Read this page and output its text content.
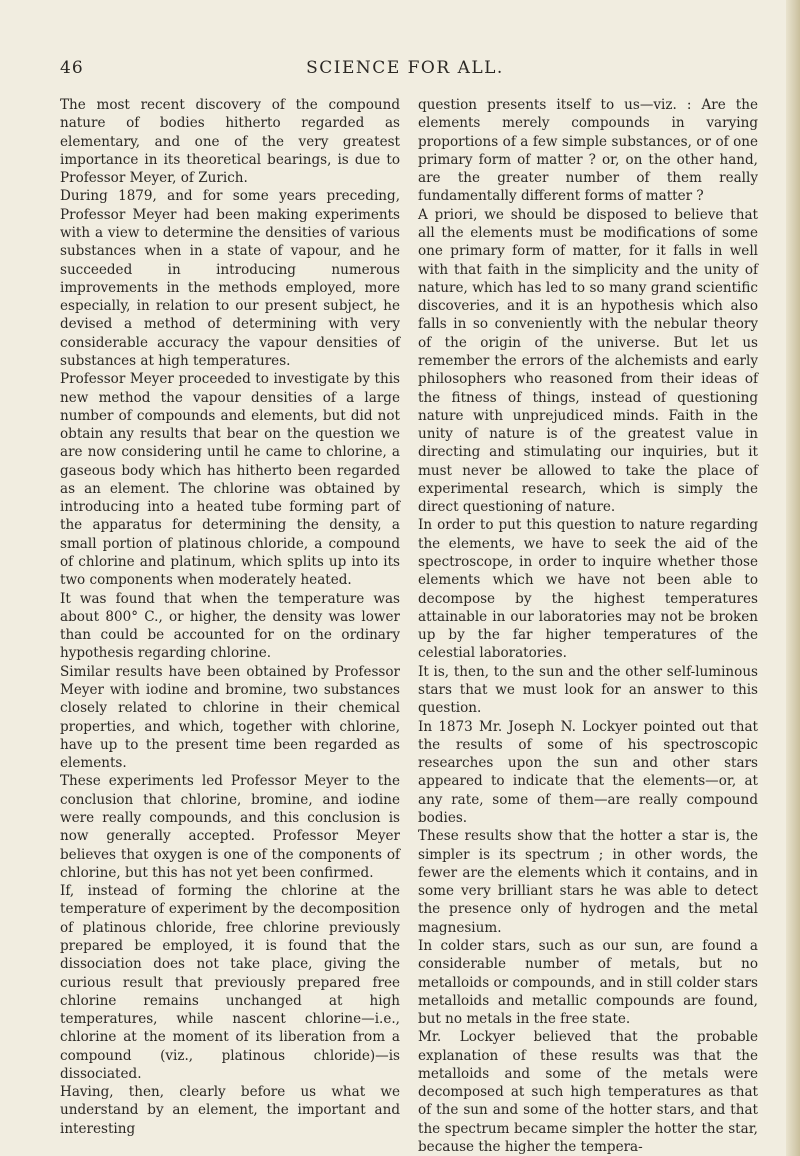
46	SCIENCE FOR ALL.

The most recent discovery of the compound nature of bodies hitherto regarded as elementary, and one of the very greatest importance in its theoretical bearings, is due to Professor Meyer, of Zurich.

During 1879, and for some years preceding, Professor Meyer had been making experiments with a view to determine the densities of various substances when in a state of vapour, and he succeeded in introducing numerous improvements in the methods employed, more especially, in relation to our present subject, he devised a method of determining with very considerable accuracy the vapour densities of substances at high temperatures.

Professor Meyer proceeded to investigate by this new method the vapour densities of a large number of compounds and elements, but did not obtain any results that bear on the question we are now considering until he came to chlorine, a gaseous body which has hitherto been regarded as an element. The chlorine was obtained by introducing into a heated tube forming part of the apparatus for determining the density, a small portion of platinous chloride, a compound of chlorine and platinum, which splits up into its two components when moderately heated.

It was found that when the temperature was about 800° C., or higher, the density was lower than could be accounted for on the ordinary hypothesis regarding chlorine.

Similar results have been obtained by Professor Meyer with iodine and bromine, two substances closely related to chlorine in their chemical properties, and which, together with chlorine, have up to the present time been regarded as elements.

These experiments led Professor Meyer to the conclusion that chlorine, bromine, and iodine were really compounds, and this conclusion is now generally accepted. Professor Meyer believes that oxygen is one of the components of chlorine, but this has not yet been confirmed.

If, instead of forming the chlorine at the temperature of experiment by the decomposition of platinous chloride, free chlorine previously prepared be employed, it is found that the dissociation does not take place, giving the curious result that previously prepared free chlorine remains unchanged at high temperatures, while nascent chlorine—i.e., chlorine at the moment of its liberation from a compound (viz., platinous chloride)—is dissociated.

Having, then, clearly before us what we understand by an element, the important and interesting

question presents itself to us—viz. : Are the elements merely compounds in varying proportions of a few simple substances, or of one primary form of matter ? or, on the other hand, are the greater number of them really fundamentally different forms of matter ?

A priori, we should be disposed to believe that all the elements must be modifications of some one primary form of matter, for it falls in well with that faith in the simplicity and the unity of nature, which has led to so many grand scientific discoveries, and it is an hypothesis which also falls in so conveniently with the nebular theory of the origin of the universe. But let us remember the errors of the alchemists and early philosophers who reasoned from their ideas of the fitness of things, instead of questioning nature with unprejudiced minds. Faith in the unity of nature is of the greatest value in directing and stimulating our inquiries, but it must never be allowed to take the place of experimental research, which is simply the direct questioning of nature.

In order to put this question to nature regarding the elements, we have to seek the aid of the spectroscope, in order to inquire whether those elements which we have not been able to decompose by the highest temperatures attainable in our laboratories may not be broken up by the far higher temperatures of the celestial laboratories.

It is, then, to the sun and the other self-luminous stars that we must look for an answer to this question.

In 1873 Mr. Joseph N. Lockyer pointed out that the results of some of his spectroscopic researches upon the sun and other stars appeared to indicate that the elements—or, at any rate, some of them—are really compound bodies.

These results show that the hotter a star is, the simpler is its spectrum ; in other words, the fewer are the elements which it contains, and in some very brilliant stars he was able to detect the presence only of hydrogen and the metal magnesium.

In colder stars, such as our sun, are found a considerable number of metals, but no metalloids or compounds, and in still colder stars metalloids and metallic compounds are found, but no metals in the free state.

Mr. Lockyer believed that the probable explanation of these results was that the metalloids and some of the metals were decomposed at such high temperatures as that of the sun and some of the hotter stars, and that the spectrum became simpler the hotter the star, because the higher the tempera-
